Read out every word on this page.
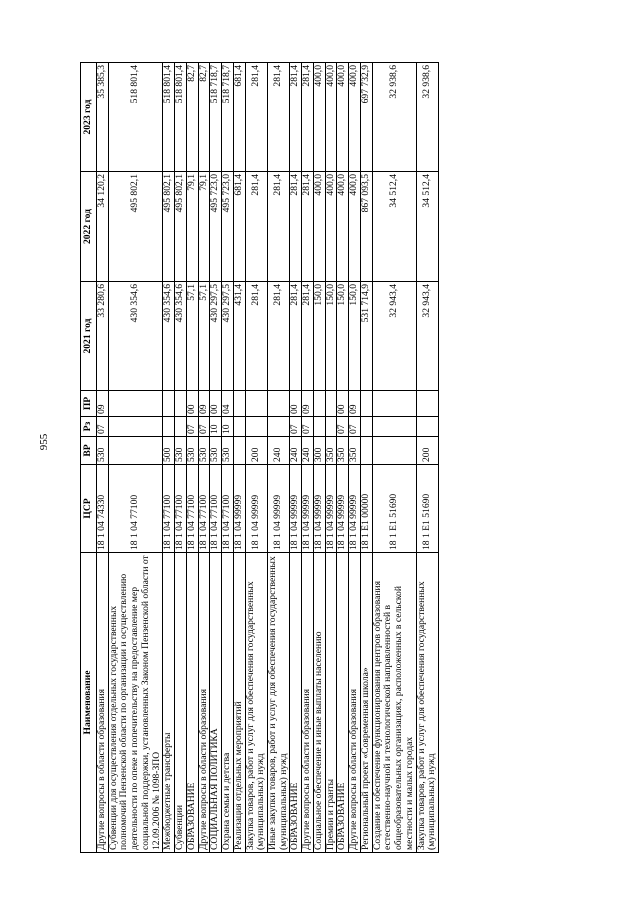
955
Наименование	ЦСР	ВР	Рз	ПР	2021 год	2022 год	2023 год
Другие вопросы в области образования	18 1 04 74330	530	07	09	33 280,6	34 120,2	35 385,3
Субвенции для осуществления отдельных государственных полномочий Пензенской области по организации и осуществлению деятельности по опеке и попечительству на предоставление мер социальной поддержки, установленных Законом Пензенской области от 12.09.2006 № 1098-ЗПО	18 1 04 77100				430 354,6	495 802,1	518 801,4
Межбюджетные трансферты	18 1 04 77100	500			430 354,6	495 802,1	518 801,4
Субвенции	18 1 04 77100	530			430 354,6	495 802,1	518 801,4
ОБРАЗОВАНИЕ	18 1 04 77100	530	07	00	57,1	79,1	82,7
Другие вопросы в области образования	18 1 04 77100	530	07	09	57,1	79,1	82,7
СОЦИАЛЬНАЯ ПОЛИТИКА	18 1 04 77100	530	10	00	430 297,5	495 723,0	518 718,7
Охрана семьи и детства	18 1 04 77100	530	10	04	430 297,5	495 723,0	518 718,7
Реализация отдельных мероприятий	18 1 04 99999				431,4	681,4	681,4
Закупка товаров, работ и услуг для обеспечения государственных (муниципальных) нужд	18 1 04 99999	200			281,4	281,4	281,4
Иные закупки товаров, работ и услуг для обеспечения государственных (муниципальных) нужд	18 1 04 99999	240			281,4	281,4	281,4
ОБРАЗОВАНИЕ	18 1 04 99999	240	07	00	281,4	281,4	281,4
Другие вопросы в области образования	18 1 04 99999	240	07	09	281,4	281,4	281,4
Социальное обеспечение и иные выплаты населению	18 1 04 99999	300			150,0	400,0	400,0
Премии и гранты	18 1 04 99999	350			150,0	400,0	400,0
ОБРАЗОВАНИЕ	18 1 04 99999	350	07	00	150,0	400,0	400,0
Другие вопросы в области образования	18 1 04 99999	350	07	09	150,0	400,0	400,0
Региональный проект «Современная школа»	18 1 E1 00000				531 714,9	867 093,5	697 732,9
Создание и обеспечение функционирования центров образования естественно-научной и технологической направленностей в общеобразовательных организациях, расположенных в сельской местности и малых городах	18 1 E1 51690				32 943,4	34 512,4	32 938,6
Закупка товаров, работ и услуг для обеспечения государственных (муниципальных) нужд	18 1 E1 51690	200			32 943,4	34 512,4	32 938,6
